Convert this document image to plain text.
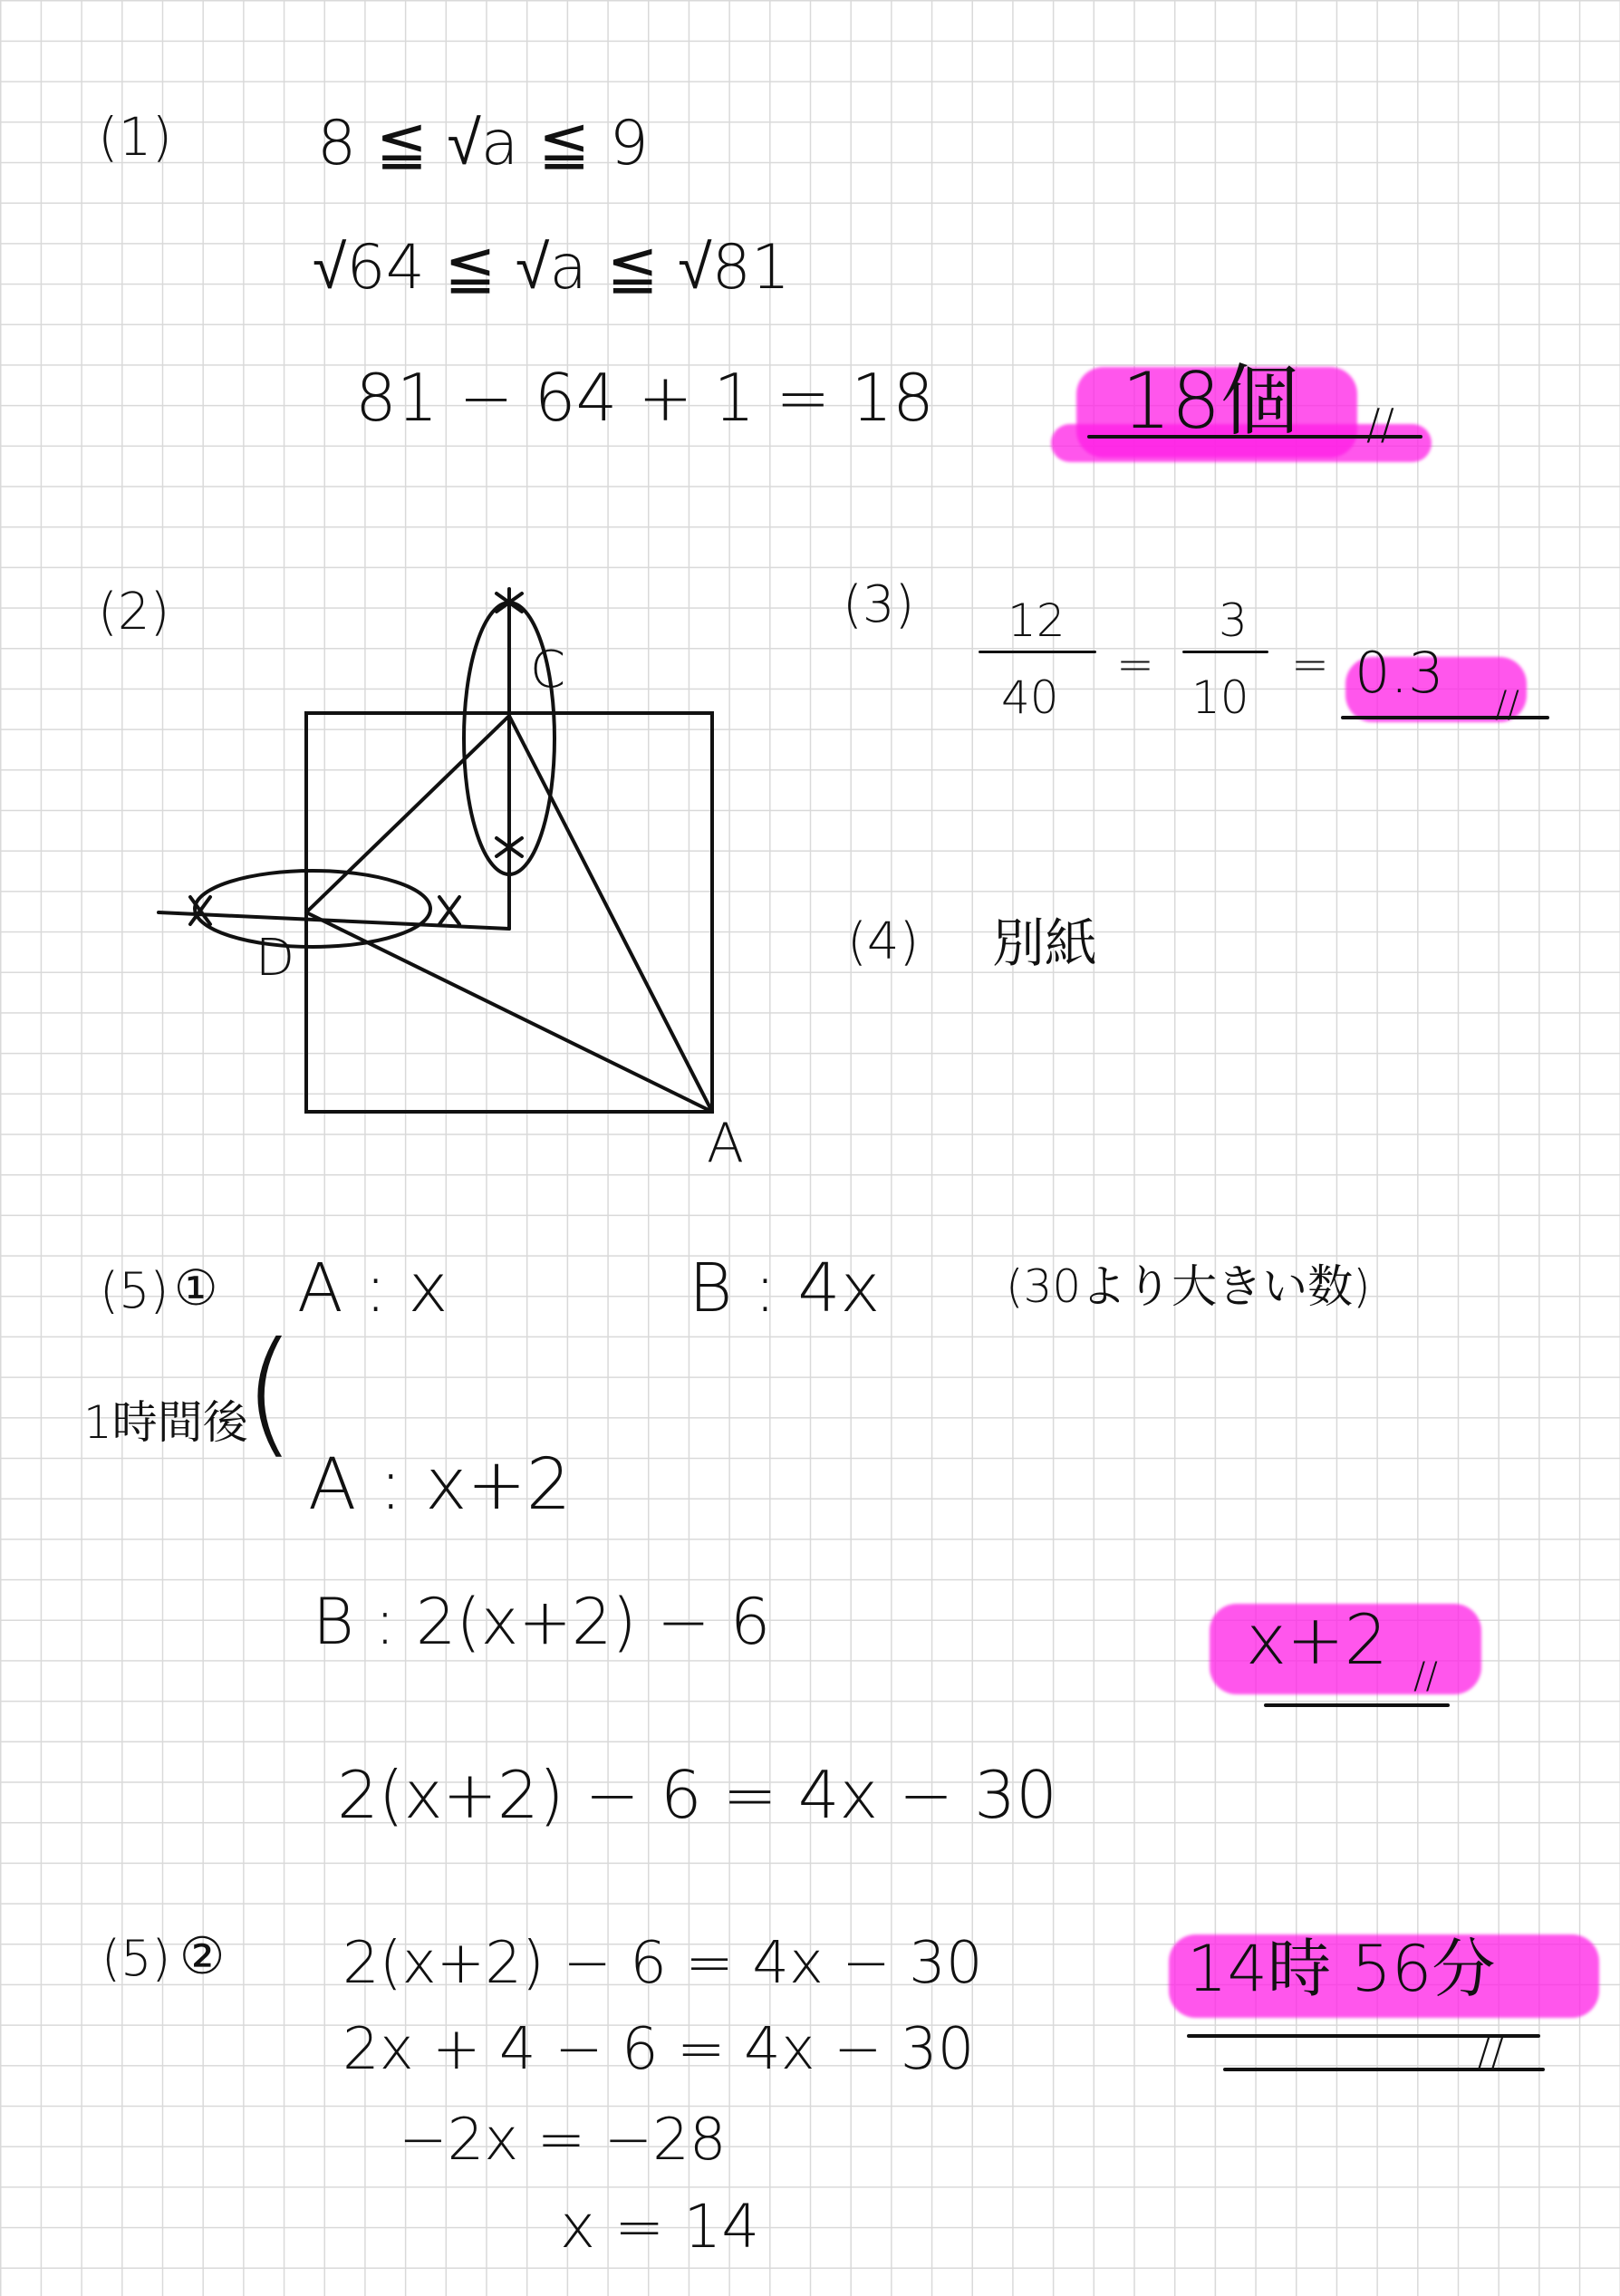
(1) 8 ≦ √a ≦ 9
√64 ≦ √a ≦ √81
81 − 64 + 1 = 18 18個 //
(2)
C
D
A
(3) 12
40
=
3
10
= 0.3 //
(4) 別紙
(5) ① A : x	B : 4x	(30より大きい数)
1時間後
(
A : x+2
B : 2(x+2) − 6	x+2 //
2(x+2) − 6 = 4x − 30
(5) ② 2(x+2) − 6 = 4x − 30
2x + 4 − 6 = 4x − 30
−2x = −28
x = 14
14時 56分
//
